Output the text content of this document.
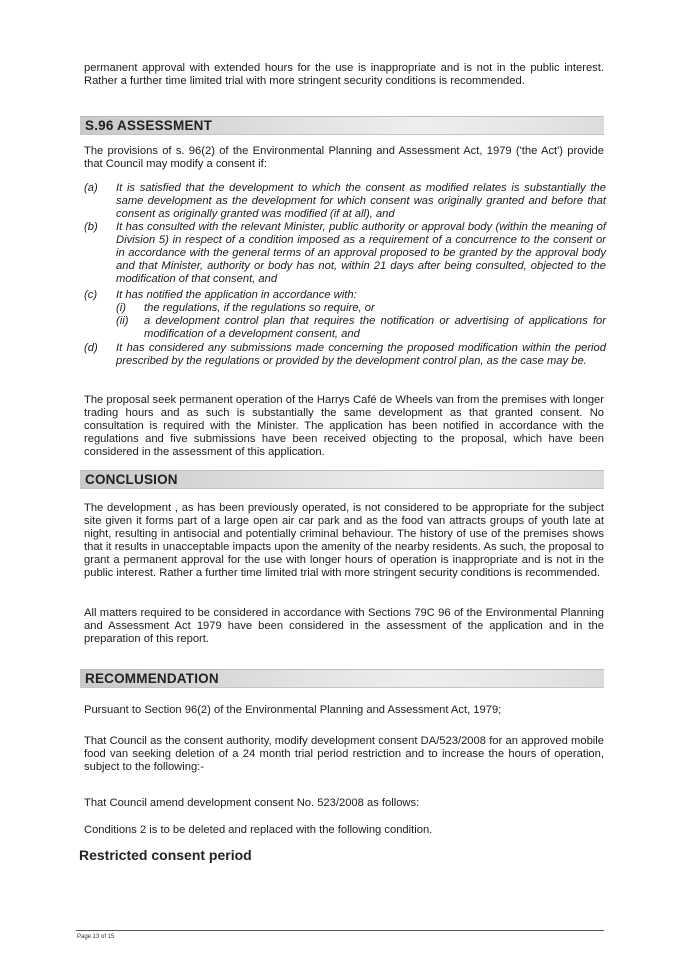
permanent approval with extended hours for the use is inappropriate and is not in the public interest. Rather a further time limited trial with more stringent security conditions is recommended.

S.96 ASSESSMENT

The provisions of s. 96(2) of the Environmental Planning and Assessment Act, 1979 ('the Act') provide that Council may modify a consent if:

(a) It is satisfied that the development to which the consent as modified relates is substantially the same development as the development for which consent was originally granted and before that consent as originally granted was modified (if at all), and
(b) It has consulted with the relevant Minister, public authority or approval body (within the meaning of Division 5) in respect of a condition imposed as a requirement of a concurrence to the consent or in accordance with the general terms of an approval proposed to be granted by the approval body and that Minister, authority or body has not, within 21 days after being consulted, objected to the modification of that consent, and
(c) It has notified the application in accordance with:
(i) the regulations, if the regulations so require, or
(ii) a development control plan that requires the notification or advertising of applications for modification of a development consent, and
(d) It has considered any submissions made concerning the proposed modification within the period prescribed by the regulations or provided by the development control plan, as the case may be.

The proposal seek permanent operation of the Harrys Café de Wheels van from the premises with longer trading hours and as such is substantially the same development as that granted consent. No consultation is required with the Minister. The application has been notified in accordance with the regulations and five submissions have been received objecting to the proposal, which have been considered in the assessment of this application.

CONCLUSION

The development , as has been previously operated, is not considered to be appropriate for the subject site given it forms part of a large open air car park and as the food van attracts groups of youth late at night, resulting in antisocial and potentially criminal behaviour. The history of use of the premises shows that it results in unacceptable impacts upon the amenity of the nearby residents. As such, the proposal to grant a permanent approval for the use with longer hours of operation is inappropriate and is not in the public interest. Rather a further time limited trial with more stringent security conditions is recommended.

All matters required to be considered in accordance with Sections 79C 96 of the Environmental Planning and Assessment Act 1979 have been considered in the assessment of the application and in the preparation of this report.

RECOMMENDATION

Pursuant to Section 96(2) of the Environmental Planning and Assessment Act, 1979;

That Council as the consent authority, modify development consent DA/523/2008 for an approved mobile food van seeking deletion of a 24 month trial period restriction and to increase the hours of operation, subject to the following:-

That Council amend development consent No. 523/2008 as follows:

Conditions 2 is to be deleted and replaced with the following condition.

Restricted consent period
Page 13 of 15
